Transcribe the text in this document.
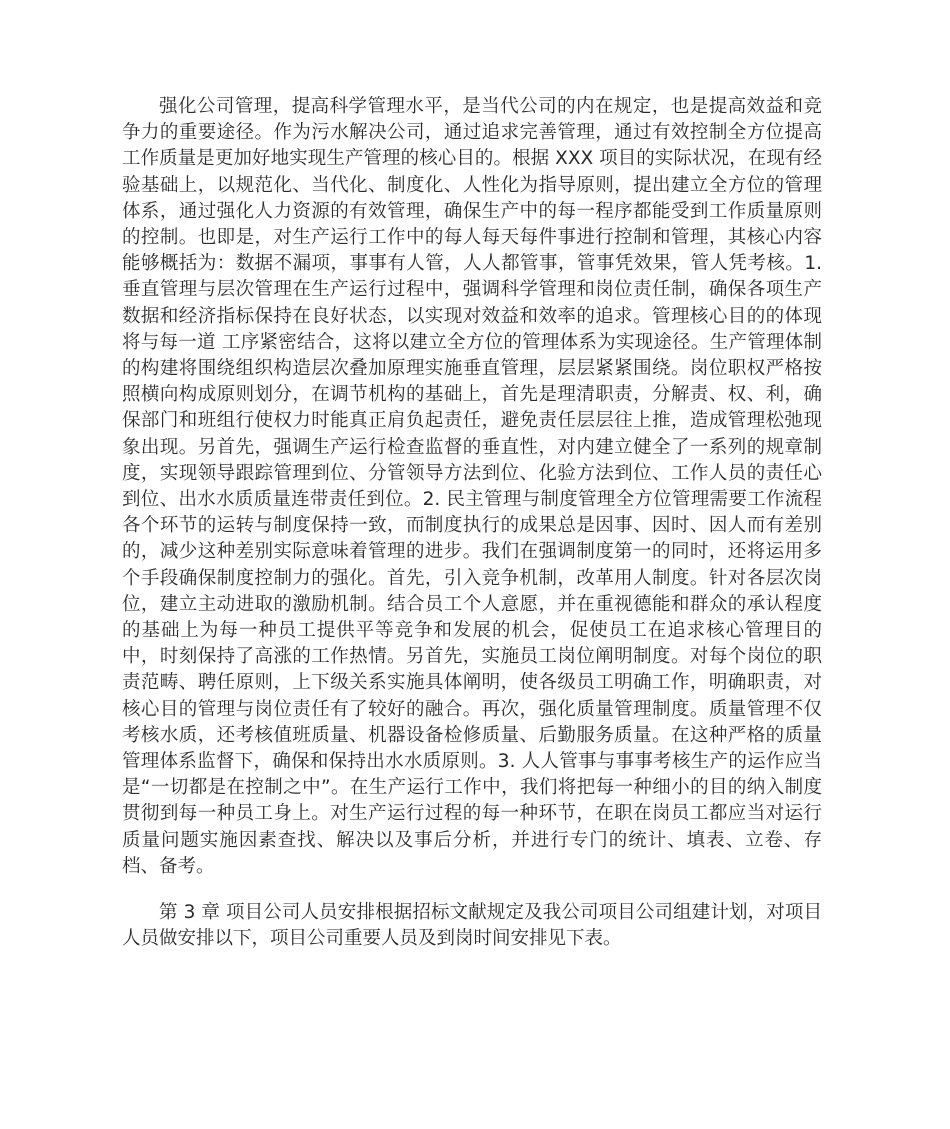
强化公司管理，提高科学管理水平，是当代公司的内在规定，也是提高效益和竞争力的重要途径。作为污水解决公司，通过追求完善管理，通过有效控制全方位提高工作质量是更加好地实现生产管理的核心目的。根据 XXX 项目的实际状况，在现有经验基础上，以规范化、当代化、制度化、人性化为指导原则，提出建立全方位的管理体系，通过强化人力资源的有效管理，确保生产中的每一程序都能受到工作质量原则的控制。也即是，对生产运行工作中的每人每天每件事进行控制和管理，其核心内容能够概括为：数据不漏项，事事有人管，人人都管事，管事凭效果，管人凭考核。1. 垂直管理与层次管理在生产运行过程中，强调科学管理和岗位责任制，确保各项生产数据和经济指标保持在良好状态，以实现对效益和效率的追求。管理核心目的的体现将与每一道 工序紧密结合，这将以建立全方位的管理体系为实现途径。生产管理体制的构建将围绕组织构造层次叠加原理实施垂直管理，层层紧紧围绕。岗位职权严格按照横向构成原则划分，在调节机构的基础上，首先是理清职责，分解责、权、利，确保部门和班组行使权力时能真正肩负起责任，避免责任层层往上推，造成管理松弛现象出现。另首先，强调生产运行检查监督的垂直性，对内建立健全了一系列的规章制度，实现领导跟踪管理到位、分管领导方法到位、化验方法到位、工作人员的责任心到位、出水水质质量连带责任到位。2. 民主管理与制度管理全方位管理需要工作流程各个环节的运转与制度保持一致，而制度执行的成果总是因事、因时、因人而有差别的，减少这种差别实际意味着管理的进步。我们在强调制度第一的同时，还将运用多个手段确保制度控制力的强化。首先，引入竞争机制，改革用人制度。针对各层次岗位，建立主动进取的激励机制。结合员工个人意愿，并在重视德能和群众的承认程度的基础上为每一种员工提供平等竞争和发展的机会，促使员工在追求核心管理目的中，时刻保持了高涨的工作热情。另首先，实施员工岗位阐明制度。对每个岗位的职责范畴、聘任原则，上下级关系实施具体阐明，使各级员工明确工作，明确职责，对核心目的管理与岗位责任有了较好的融合。再次，强化质量管理制度。质量管理不仅考核水质，还考核值班质量、机器设备检修质量、后勤服务质量。在这种严格的质量管理体系监督下，确保和保持出水水质原则。3. 人人管事与事事考核生产的运作应当是“一切都是在控制之中”。在生产运行工作中，我们将把每一种细小的目的纳入制度贯彻到每一种员工身上。对生产运行过程的每一种环节，在职在岗员工都应当对运行质量问题实施因素查找、解决以及事后分析，并进行专门的统计、填表、立卷、存档、备考。

第 3 章 项目公司人员安排根据招标文献规定及我公司项目公司组建计划，对项目人员做安排以下，项目公司重要人员及到岗时间安排见下表。
